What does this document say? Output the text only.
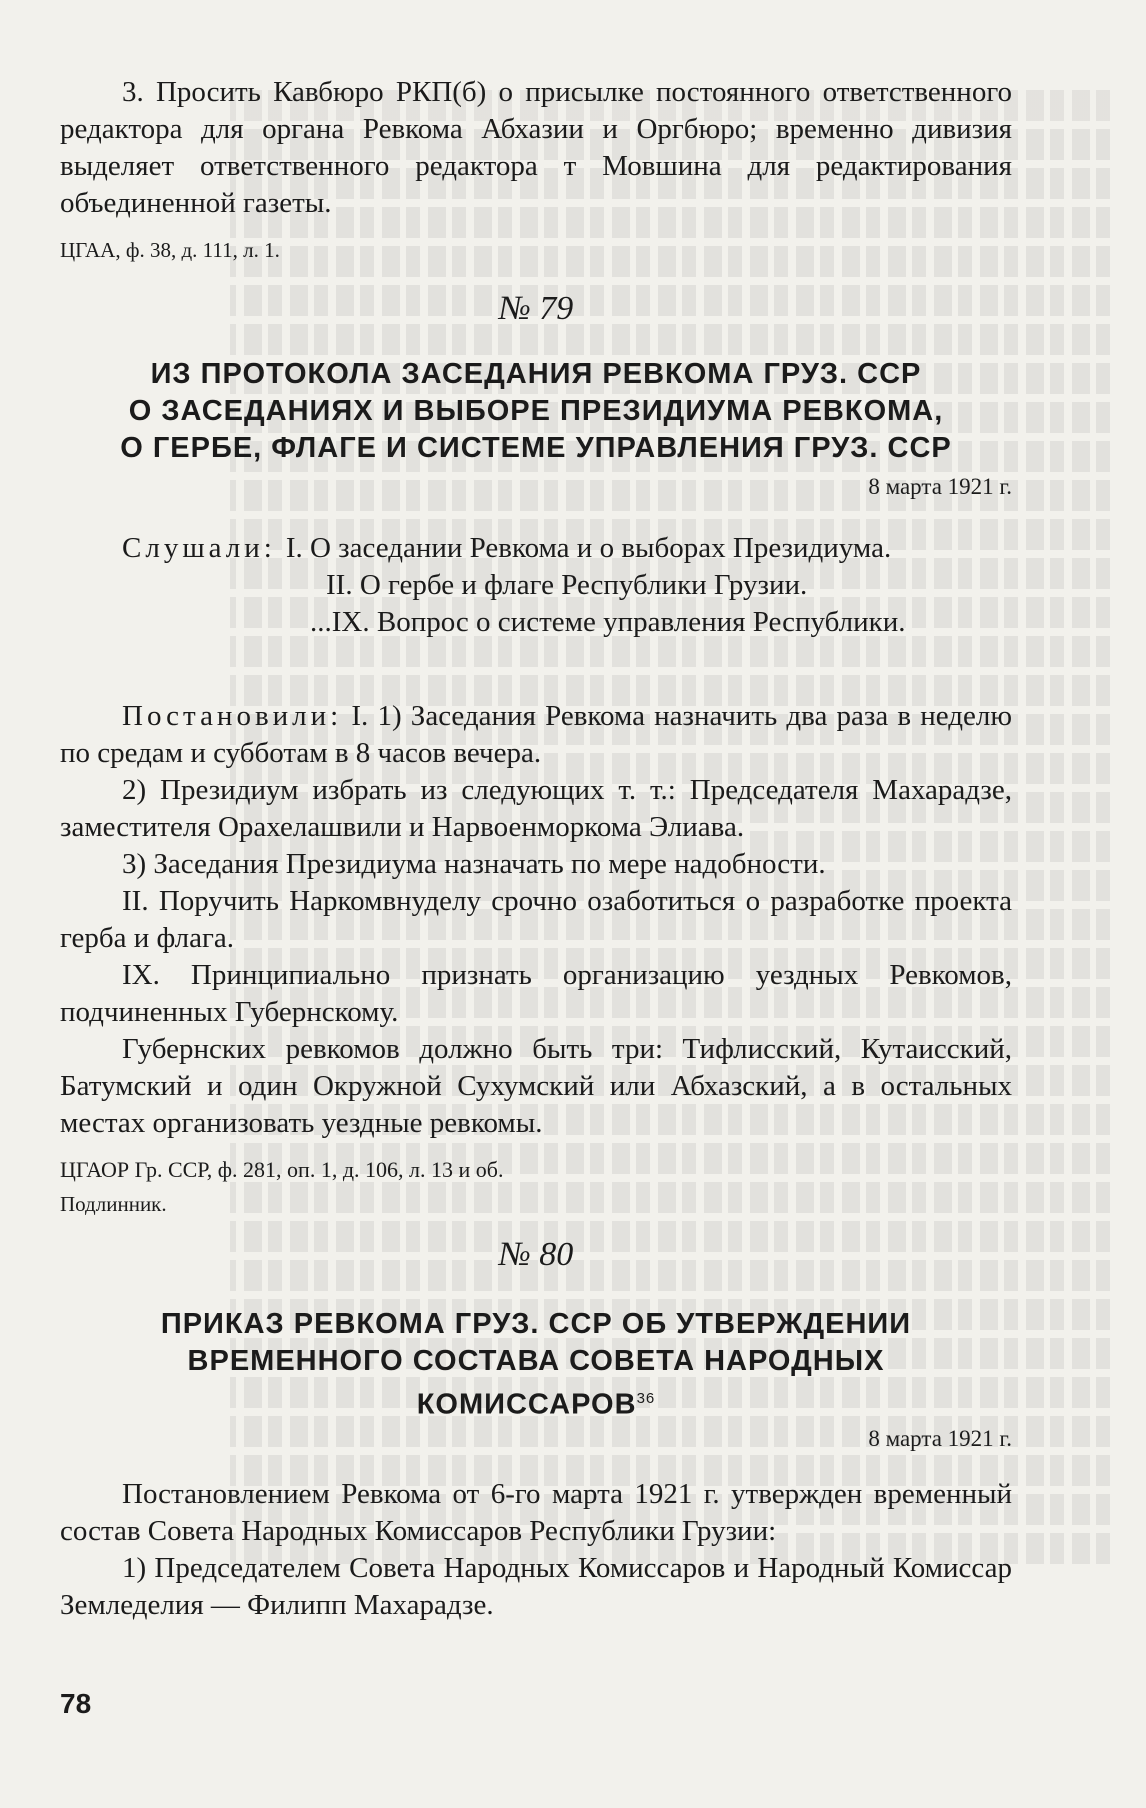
3. Просить Кавбюро РКП(б) о присылке постоянного ответственного редактора для органа Ревкома Абхазии и Оргбюро; временно дивизия выделяет ответственного редактора т Мовшина для редактирования объединенной газеты.

ЦГАА, ф. 38, д. 111, л. 1.

№ 79

ИЗ ПРОТОКОЛА ЗАСЕДАНИЯ РЕВКОМА ГРУЗ. ССР

О ЗАСЕДАНИЯХ И ВЫБОРЕ ПРЕЗИДИУМА РЕВКОМА,

О ГЕРБЕ, ФЛАГЕ И СИСТЕМЕ УПРАВЛЕНИЯ ГРУЗ. ССР

8 марта 1921 г.

Слушали: I. О заседании Ревкома и о выборах Президиума.
II. О гербе и флаге Республики Грузии.
...IX. Вопрос о системе управления Республики.

Постановили: I. 1) Заседания Ревкома назначить два раза в неделю по средам и субботам в 8 часов вечера.

2) Президиум избрать из следующих т. т.: Председателя Махарадзе, заместителя Орахелашвили и Нарвоенморкома Элиава.

3) Заседания Президиума назначать по мере надобности.

II. Поручить Наркомвнуделу срочно озаботиться о разработке проекта герба и флага.

IX. Принципиально признать организацию уездных Ревкомов, подчиненных Губернскому.

Губернских ревкомов должно быть три: Тифлисский, Кутаисский, Батумский и один Окружной Сухумский или Абхазский, а в остальных местах организовать уездные ревкомы.

ЦГАОР Гр. ССР, ф. 281, оп. 1, д. 106, л. 13 и об.

Подлинник.

№ 80

ПРИКАЗ РЕВКОМА ГРУЗ. ССР ОБ УТВЕРЖДЕНИИ

ВРЕМЕННОГО СОСТАВА СОВЕТА НАРОДНЫХ

КОМИССАРОВ$^{36}$

8 марта 1921 г.

Постановлением Ревкома от 6-го марта 1921 г. утвержден временный состав Совета Народных Комиссаров Республики Грузии:

1) Председателем Совета Народных Комиссаров и Народный Комиссар Земледелия — Филипп Махарадзе.

78
